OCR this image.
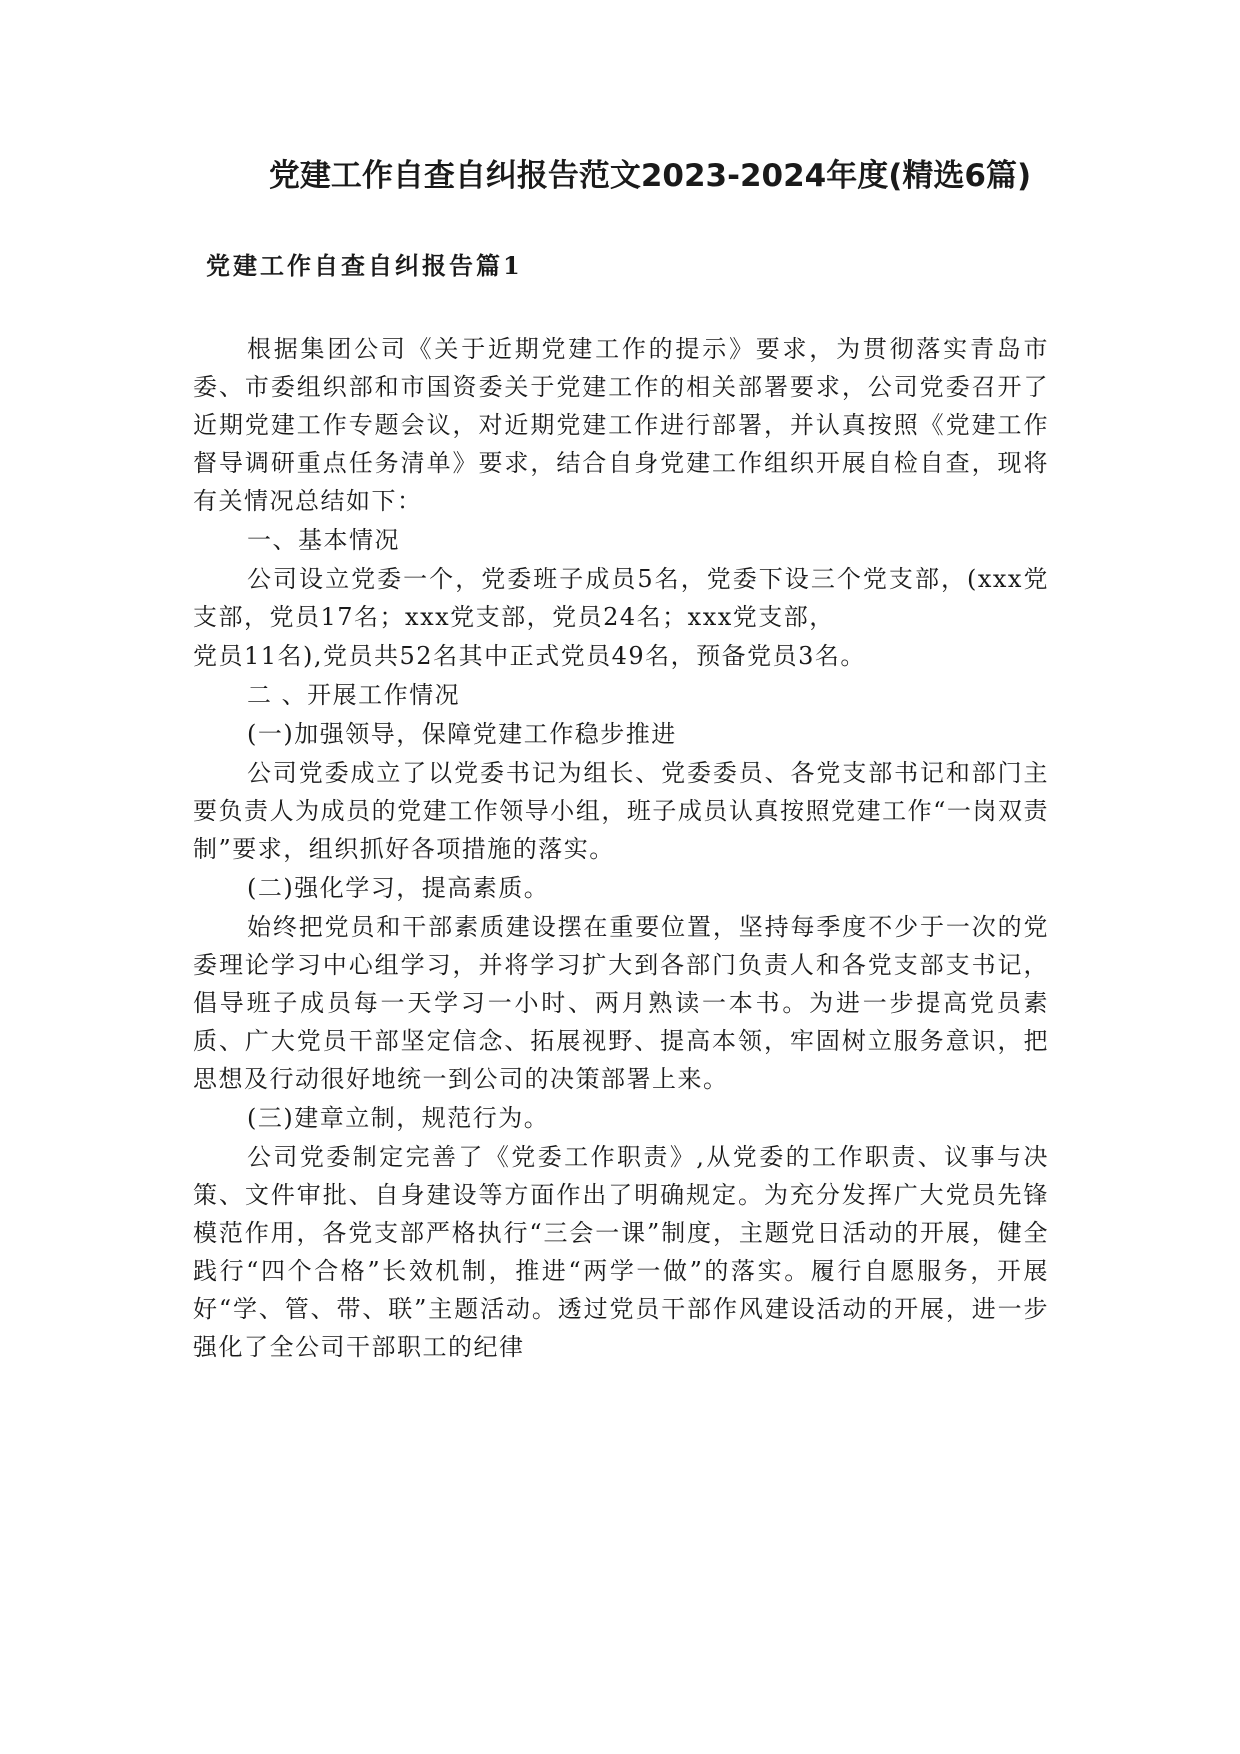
党建工作自查自纠报告范文2023-2024年度(精选6篇)
党建工作自查自纠报告篇1

根据集团公司《关于近期党建工作的提示》要求，为贯彻落实青岛市委、市委组织部和市国资委关于党建工作的相关部署要求，公司党委召开了近期党建工作专题会议，对近期党建工作进行部署，并认真按照《党建工作督导调研重点任务清单》要求，结合自身党建工作组织开展自检自查，现将有关情况总结如下：

一、基本情况

公司设立党委一个，党委班子成员5名，党委下设三个党支部，(xxx党支部，党员17名；xxx党支部，党员24名；xxx党支部，

党员11名),党员共52名其中正式党员49名，预备党员3名。

二 、开展工作情况

(一)加强领导，保障党建工作稳步推进

公司党委成立了以党委书记为组长、党委委员、各党支部书记和部门主要负责人为成员的党建工作领导小组，班子成员认真按照党建工作“一岗双责制”要求，组织抓好各项措施的落实。

(二)强化学习，提高素质。

始终把党员和干部素质建设摆在重要位置，坚持每季度不少于一次的党委理论学习中心组学习，并将学习扩大到各部门负责人和各党支部支书记，倡导班子成员每一天学习一小时、两月熟读一本书。为进一步提高党员素质、广大党员干部坚定信念、拓展视野、提高本领，牢固树立服务意识，把思想及行动很好地统一到公司的决策部署上来。

(三)建章立制，规范行为。

公司党委制定完善了《党委工作职责》,从党委的工作职责、议事与决策、文件审批、自身建设等方面作出了明确规定。为充分发挥广大党员先锋模范作用，各党支部严格执行“三会一课”制度，主题党日活动的开展，健全践行“四个合格”长效机制，推进“两学一做”的落实。履行自愿服务，开展好“学、管、带、联”主题活动。透过党员干部作风建设活动的开展，进一步强化了全公司干部职工的纪律
